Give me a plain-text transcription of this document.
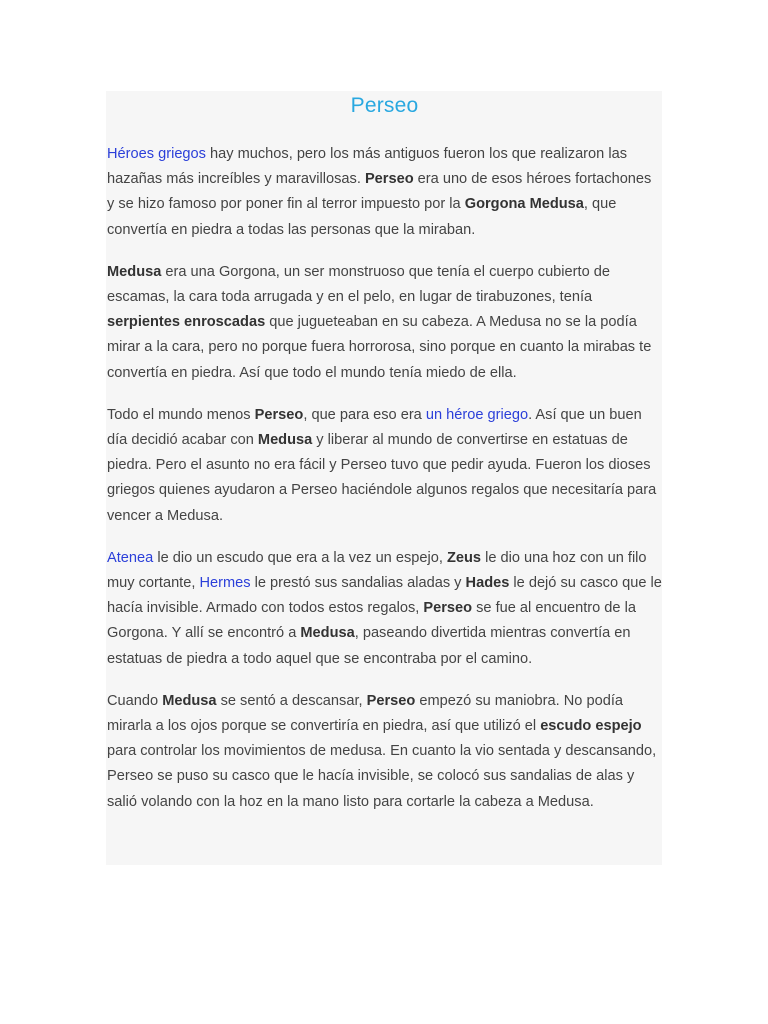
Perseo

Héroes griegos hay muchos, pero los más antiguos fueron los que realizaron las hazañas más increíbles y maravillosas. Perseo era uno de esos héroes fortachones y se hizo famoso por poner fin al terror impuesto por la Gorgona Medusa, que convertía en piedra a todas las personas que la miraban.

Medusa era una Gorgona, un ser monstruoso que tenía el cuerpo cubierto de escamas, la cara toda arrugada y en el pelo, en lugar de tirabuzones, tenía serpientes enroscadas que jugueteaban en su cabeza. A Medusa no se la podía mirar a la cara, pero no porque fuera horrorosa, sino porque en cuanto la mirabas te convertía en piedra. Así que todo el mundo tenía miedo de ella.

Todo el mundo menos Perseo, que para eso era un héroe griego. Así que un buen día decidió acabar con Medusa y liberar al mundo de convertirse en estatuas de piedra. Pero el asunto no era fácil y Perseo tuvo que pedir ayuda. Fueron los dioses griegos quienes ayudaron a Perseo haciéndole algunos regalos que necesitaría para vencer a Medusa.

Atenea le dio un escudo que era a la vez un espejo, Zeus le dio una hoz con un filo muy cortante, Hermes le prestó sus sandalias aladas y Hades le dejó su casco que le hacía invisible. Armado con todos estos regalos, Perseo se fue al encuentro de la Gorgona. Y allí se encontró a Medusa, paseando divertida mientras convertía en estatuas de piedra a todo aquel que se encontraba por el camino.

Cuando Medusa se sentó a descansar, Perseo empezó su maniobra. No podía mirarla a los ojos porque se convertiría en piedra, así que utilizó el escudo espejo para controlar los movimientos de medusa. En cuanto la vio sentada y descansando, Perseo se puso su casco que le hacía invisible, se colocó sus sandalias de alas y salió volando con la hoz en la mano listo para cortarle la cabeza a Medusa.
